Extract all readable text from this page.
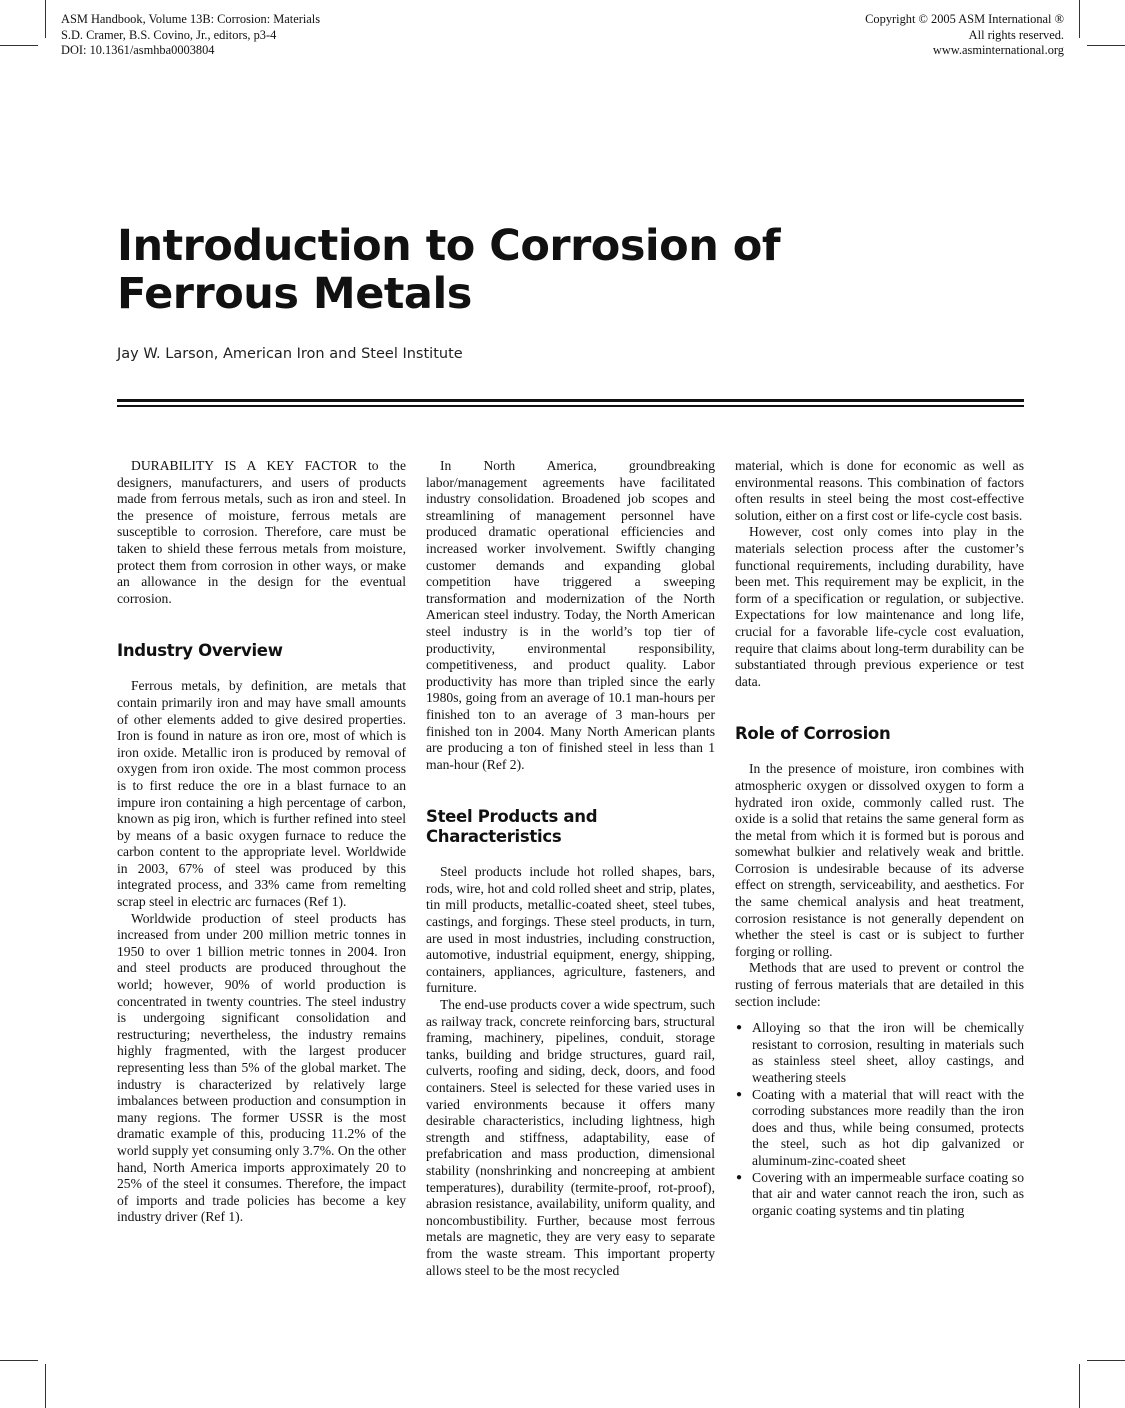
ASM Handbook, Volume 13B: Corrosion: Materials
S.D. Cramer, B.S. Covino, Jr., editors, p3-4
DOI: 10.1361/asmhba0003804
Copyright © 2005 ASM International ®
All rights reserved.
www.asminternational.org
Introduction to Corrosion of
Ferrous Metals
Jay W. Larson, American Iron and Steel Institute

DURABILITY IS A KEY FACTOR to the designers, manufacturers, and users of products made from ferrous metals, such as iron and steel. In the presence of moisture, ferrous metals are susceptible to corrosion. Therefore, care must be taken to shield these ferrous metals from moisture, protect them from corrosion in other ways, or make an allowance in the design for the eventual corrosion.

Industry Overview

Ferrous metals, by definition, are metals that contain primarily iron and may have small amounts of other elements added to give desired properties. Iron is found in nature as iron ore, most of which is iron oxide. Metallic iron is produced by removal of oxygen from iron oxide. The most common process is to first reduce the ore in a blast furnace to an impure iron containing a high percentage of carbon, known as pig iron, which is further refined into steel by means of a basic oxygen furnace to reduce the carbon content to the appropriate level. Worldwide in 2003, 67% of steel was produced by this integrated process, and 33% came from remelting scrap steel in electric arc furnaces (Ref 1).

Worldwide production of steel products has increased from under 200 million metric tonnes in 1950 to over 1 billion metric tonnes in 2004. Iron and steel products are produced throughout the world; however, 90% of world production is concentrated in twenty countries. The steel industry is undergoing significant consolidation and restructuring; nevertheless, the industry remains highly fragmented, with the largest producer representing less than 5% of the global market. The industry is characterized by relatively large imbalances between production and consumption in many regions. The former USSR is the most dramatic example of this, producing 11.2% of the world supply yet consuming only 3.7%. On the other hand, North America imports approximately 20 to 25% of the steel it consumes. Therefore, the impact of imports and trade policies has become a key industry driver (Ref 1).

In North America, groundbreaking labor/management agreements have facilitated industry consolidation. Broadened job scopes and streamlining of management personnel have produced dramatic operational efficiencies and increased worker involvement. Swiftly changing customer demands and expanding global competition have triggered a sweeping transformation and modernization of the North American steel industry. Today, the North American steel industry is in the world’s top tier of productivity, environmental responsibility, competitiveness, and product quality. Labor productivity has more than tripled since the early 1980s, going from an average of 10.1 man-hours per finished ton to an average of 3 man-hours per finished ton in 2004. Many North American plants are producing a ton of finished steel in less than 1 man-hour (Ref 2).

Steel Products and Characteristics

Steel products include hot rolled shapes, bars, rods, wire, hot and cold rolled sheet and strip, plates, tin mill products, metallic-coated sheet, steel tubes, castings, and forgings. These steel products, in turn, are used in most industries, including construction, automotive, industrial equipment, energy, shipping, containers, appliances, agriculture, fasteners, and furniture.

The end-use products cover a wide spectrum, such as railway track, concrete reinforcing bars, structural framing, machinery, pipelines, conduit, storage tanks, building and bridge structures, guard rail, culverts, roofing and siding, deck, doors, and food containers. Steel is selected for these varied uses in varied environments because it offers many desirable characteristics, including lightness, high strength and stiffness, adaptability, ease of prefabrication and mass production, dimensional stability (nonshrinking and noncreeping at ambient temperatures), durability (termite-proof, rot-proof), abrasion resistance, availability, uniform quality, and noncombustibility. Further, because most ferrous metals are magnetic, they are very easy to separate from the waste stream. This important property allows steel to be the most recycled

material, which is done for economic as well as environmental reasons. This combination of factors often results in steel being the most cost-effective solution, either on a first cost or life-cycle cost basis.

However, cost only comes into play in the materials selection process after the customer’s functional requirements, including durability, have been met. This requirement may be explicit, in the form of a specification or regulation, or subjective. Expectations for low maintenance and long life, crucial for a favorable life-cycle cost evaluation, require that claims about long-term durability can be substantiated through previous experience or test data.

Role of Corrosion

In the presence of moisture, iron combines with atmospheric oxygen or dissolved oxygen to form a hydrated iron oxide, commonly called rust. The oxide is a solid that retains the same general form as the metal from which it is formed but is porous and somewhat bulkier and relatively weak and brittle. Corrosion is undesirable because of its adverse effect on strength, serviceability, and aesthetics. For the same chemical analysis and heat treatment, corrosion resistance is not generally dependent on whether the steel is cast or is subject to further forging or rolling.

Methods that are used to prevent or control the rusting of ferrous materials that are detailed in this section include:

● Alloying so that the iron will be chemically resistant to corrosion, resulting in materials such as stainless steel sheet, alloy castings, and weathering steels
● Coating with a material that will react with the corroding substances more readily than the iron does and thus, while being consumed, protects the steel, such as hot dip galvanized or aluminum-zinc-coated sheet
● Covering with an impermeable surface coating so that air and water cannot reach the iron, such as organic coating systems and tin plating
